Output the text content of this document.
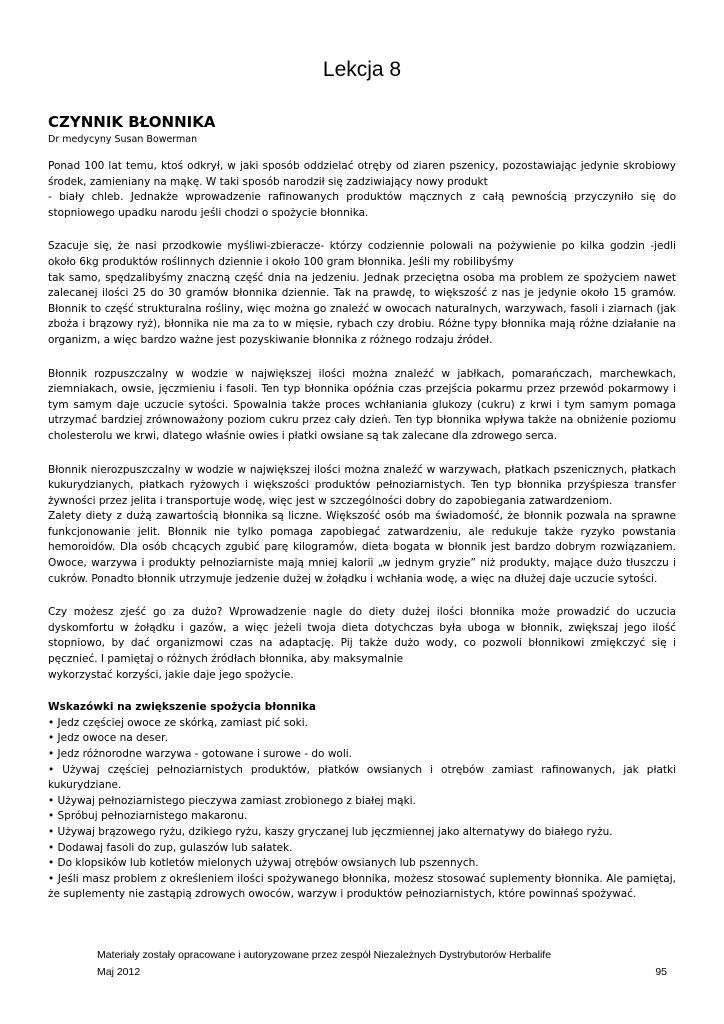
Lekcja 8
CZYNNIK BŁONNIKA
Dr medycyny Susan Bowerman

Ponad 100 lat temu, ktoś odkrył, w jaki sposób oddzielać otręby od ziaren pszenicy, pozostawiając jedynie skrobiowy środek, zamieniany na mąkę. W taki sposób narodził się zadziwiający nowy produkt

- biały chleb. Jednakże wprowadzenie rafinowanych produktów mącznych z całą pewnością przyczyniło się do stopniowego upadku narodu jeśli chodzi o spożycie błonnika.

Szacuje się, że nasi przodkowie myśliwi-zbieracze- którzy codziennie polowali na pożywienie po kilka godzin -jedli około 6kg produktów roślinnych dziennie i około 100 gram błonnika. Jeśli my robilibyśmy

tak samo, spędzalibyśmy znaczną część dnia na jedzeniu. Jednak przeciętna osoba ma problem ze spożyciem nawet zalecanej ilości 25 do 30 gramów błonnika dziennie. Tak na prawdę, to większość z nas je jedynie około 15 gramów. Błonnik to część strukturalna rośliny, więc można go znaleźć w owocach naturalnych, warzywach, fasoli i ziarnach (jak zboża i brązowy ryż), błonnika nie ma za to w mięsie, rybach czy drobiu. Różne typy błonnika mają różne działanie na organizm, a więc bardzo ważne jest pozyskiwanie błonnika z różnego rodzaju źródeł.

Błonnik rozpuszczalny w wodzie w największej ilości można znaleźć w jabłkach, pomarańczach, marchewkach, ziemniakach, owsie, jęczmieniu i fasoli. Ten typ błonnika opóźnia czas przejścia pokarmu przez przewód pokarmowy i tym samym daje uczucie sytości. Spowalnia także proces wchłaniania glukozy (cukru) z krwi i tym samym pomaga utrzymać bardziej zrównoważony poziom cukru przez cały dzień. Ten typ błonnika wpływa także na obniżenie poziomu cholesterolu we krwi, dlatego właśnie owies i płatki owsiane są tak zalecane dla zdrowego serca.

Błonnik nierozpuszczalny w wodzie w największej ilości można znaleźć w warzywach, płatkach pszenicznych, płatkach kukurydzianych, płatkach ryżowych i większości produktów pełnoziarnistych. Ten typ błonnika przyśpiesza transfer żywności przez jelita i transportuje wodę, więc jest w szczególności dobry do zapobiegania zatwardzeniom.

Zalety diety z dużą zawartością błonnika są liczne. Większość osób ma świadomość, że błonnik pozwala na sprawne funkcjonowanie jelit. Błonnik nie tylko pomaga zapobiegać zatwardzeniu, ale redukuje także ryzyko powstania hemoroidów. Dla osób chcących zgubić parę kilogramów, dieta bogata w błonnik jest bardzo dobrym rozwiązaniem. Owoce, warzywa i produkty pełnoziarniste mają mniej kalorii „w jednym gryzie” niż produkty, mające dużo tłuszczu i cukrów. Ponadto błonnik utrzymuje jedzenie dużej w żołądku i wchłania wodę, a więc na dłużej daje uczucie sytości.

Czy możesz zjeść go za dużo? Wprowadzenie nagle do diety dużej ilości błonnika może prowadzić do uczucia dyskomfortu w żołądku i gazów, a więc jeżeli twoja dieta dotychczas była uboga w błonnik, zwiększaj jego ilość stopniowo, by dać organizmowi czas na adaptację. Pij także dużo wody, co pozwoli błonnikowi zmiękczyć się i pęcznieć. I pamiętaj o różnych źródłach błonnika, aby maksymalnie

wykorzystać korzyści, jakie daje jego spożycie.

Wskazówki na zwiększenie spożycia błonnika
• Jedz częściej owoce ze skórką, zamiast pić soki.
• Jedz owoce na deser.
• Jedz różnorodne warzywa - gotowane i surowe - do woli.
• Używaj częściej pełnoziarnistych produktów, płatków owsianych i otrębów zamiast rafinowanych, jak płatki kukurydziane.
• Używaj pełnoziarnistego pieczywa zamiast zrobionego z białej mąki.
• Spróbuj pełnoziarnistego makaronu.
• Używaj brązowego ryżu, dzikiego ryżu, kaszy gryczanej lub jęczmiennej jako alternatywy do białego ryżu.
• Dodawaj fasoli do zup, gulaszów lub sałatek.
• Do klopsików lub kotletów mielonych używaj otrębów owsianych lub pszennych.
• Jeśli masz problem z określeniem ilości spożywanego błonnika, możesz stosować suplementy błonnika. Ale pamiętaj, że suplementy nie zastąpią zdrowych owoców, warzyw i produktów pełnoziarnistych, które powinnaś spożywać.
Materiały zostały opracowane i autoryzowane przez zespół Niezależnych Dystrybutorów Herbalife
Maj 2012	95
